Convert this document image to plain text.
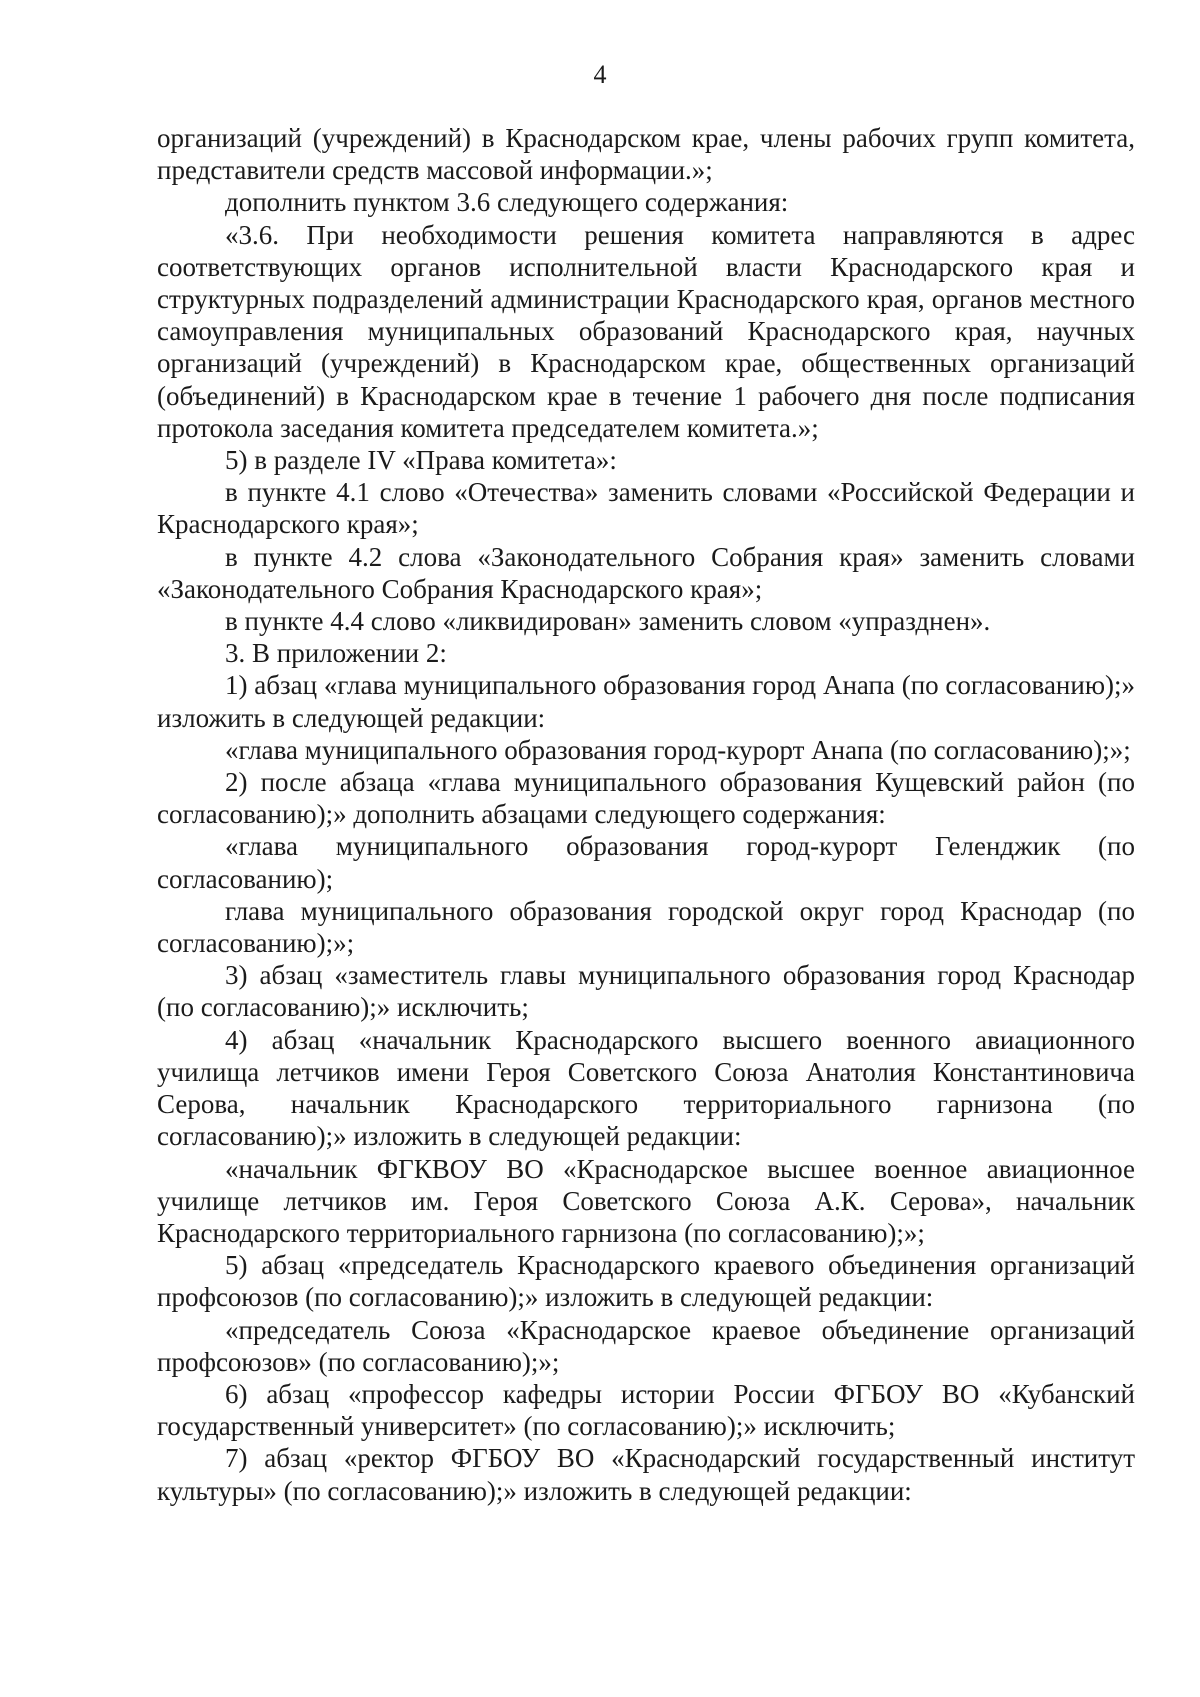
4

организаций (учреждений) в Краснодарском крае, члены рабочих групп комитета, представители средств массовой информации.»;

дополнить пунктом 3.6 следующего содержания:

«3.6. При необходимости решения комитета направляются в адрес соответствующих органов исполнительной власти Краснодарского края и структурных подразделений администрации Краснодарского края, органов местного самоуправления муниципальных образований Краснодарского края, научных организаций (учреждений) в Краснодарском крае, общественных организаций (объединений) в Краснодарском крае в течение 1 рабочего дня после подписания протокола заседания комитета председателем комитета.»;

5) в разделе IV «Права комитета»:

в пункте 4.1 слово «Отечества» заменить словами «Российской Федерации и Краснодарского края»;

в пункте 4.2 слова «Законодательного Собрания края» заменить словами «Законодательного Собрания Краснодарского края»;

в пункте 4.4 слово «ликвидирован» заменить словом «упразднен».

3. В приложении 2:

1) абзац «глава муниципального образования город Анапа (по согласованию);» изложить в следующей редакции:

«глава муниципального образования город-курорт Анапа (по согласованию);»;

2) после абзаца «глава муниципального образования Кущевский район (по согласованию);» дополнить абзацами следующего содержания:

«глава муниципального образования город-курорт Геленджик (по согласованию);

глава муниципального образования городской округ город Краснодар (по согласованию);»;

3) абзац «заместитель главы муниципального образования город Краснодар (по согласованию);» исключить;

4) абзац «начальник Краснодарского высшего военного авиационного училища летчиков имени Героя Советского Союза Анатолия Константиновича Серова, начальник Краснодарского территориального гарнизона (по согласованию);» изложить в следующей редакции:

«начальник ФГКВОУ ВО «Краснодарское высшее военное авиационное училище летчиков им. Героя Советского Союза А.К. Серова», начальник Краснодарского территориального гарнизона (по согласованию);»;

5) абзац «председатель Краснодарского краевого объединения организаций профсоюзов (по согласованию);» изложить в следующей редакции:

«председатель Союза «Краснодарское краевое объединение организаций профсоюзов» (по согласованию);»;

6) абзац «профессор кафедры истории России ФГБОУ ВО «Кубанский государственный университет» (по согласованию);» исключить;

7) абзац «ректор ФГБОУ ВО «Краснодарский государственный институт культуры» (по согласованию);» изложить в следующей редакции:
